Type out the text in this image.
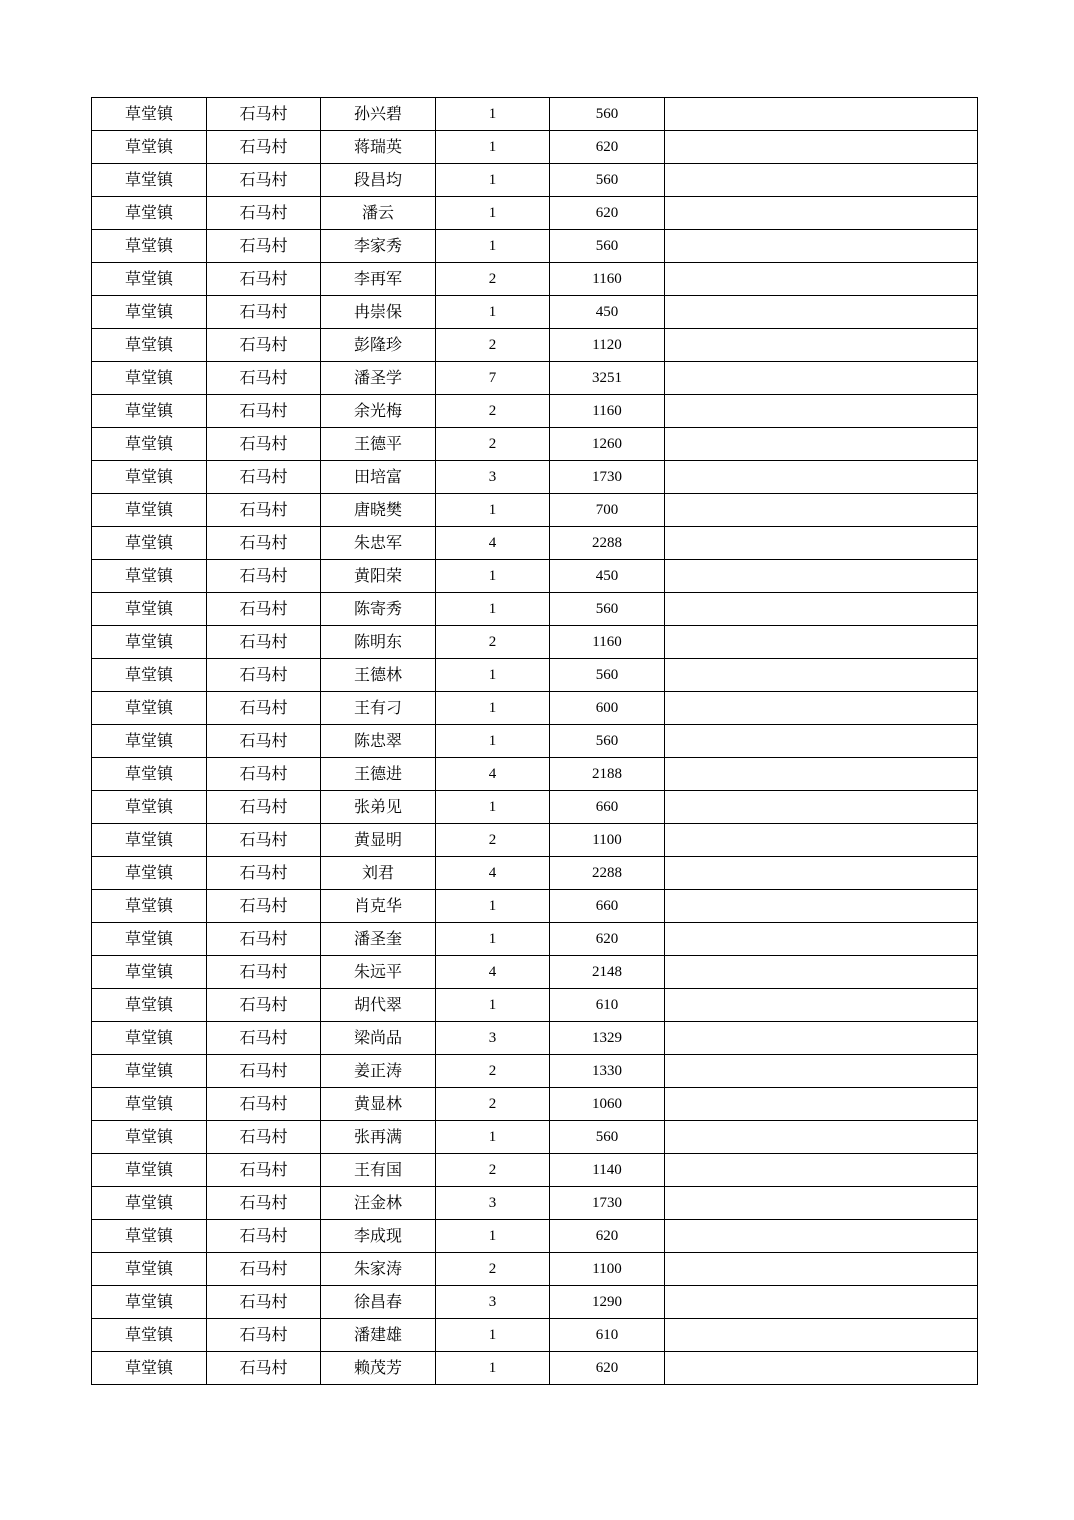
草堂镇	石马村	孙兴碧	1	560	
草堂镇	石马村	蒋瑞英	1	620	
草堂镇	石马村	段昌均	1	560	
草堂镇	石马村	潘云	1	620	
草堂镇	石马村	李家秀	1	560	
草堂镇	石马村	李再军	2	1160	
草堂镇	石马村	冉崇保	1	450	
草堂镇	石马村	彭隆珍	2	1120	
草堂镇	石马村	潘圣学	7	3251	
草堂镇	石马村	余光梅	2	1160	
草堂镇	石马村	王德平	2	1260	
草堂镇	石马村	田培富	3	1730	
草堂镇	石马村	唐晓樊	1	700	
草堂镇	石马村	朱忠军	4	2288	
草堂镇	石马村	黄阳荣	1	450	
草堂镇	石马村	陈寄秀	1	560	
草堂镇	石马村	陈明东	2	1160	
草堂镇	石马村	王德林	1	560	
草堂镇	石马村	王有刁	1	600	
草堂镇	石马村	陈忠翠	1	560	
草堂镇	石马村	王德进	4	2188	
草堂镇	石马村	张弟见	1	660	
草堂镇	石马村	黄显明	2	1100	
草堂镇	石马村	刘君	4	2288	
草堂镇	石马村	肖克华	1	660	
草堂镇	石马村	潘圣奎	1	620	
草堂镇	石马村	朱远平	4	2148	
草堂镇	石马村	胡代翠	1	610	
草堂镇	石马村	梁尚品	3	1329	
草堂镇	石马村	姜正涛	2	1330	
草堂镇	石马村	黄显林	2	1060	
草堂镇	石马村	张再满	1	560	
草堂镇	石马村	王有国	2	1140	
草堂镇	石马村	汪金林	3	1730	
草堂镇	石马村	李成现	1	620	
草堂镇	石马村	朱家涛	2	1100	
草堂镇	石马村	徐昌春	3	1290	
草堂镇	石马村	潘建雄	1	610	
草堂镇	石马村	赖茂芳	1	620	
